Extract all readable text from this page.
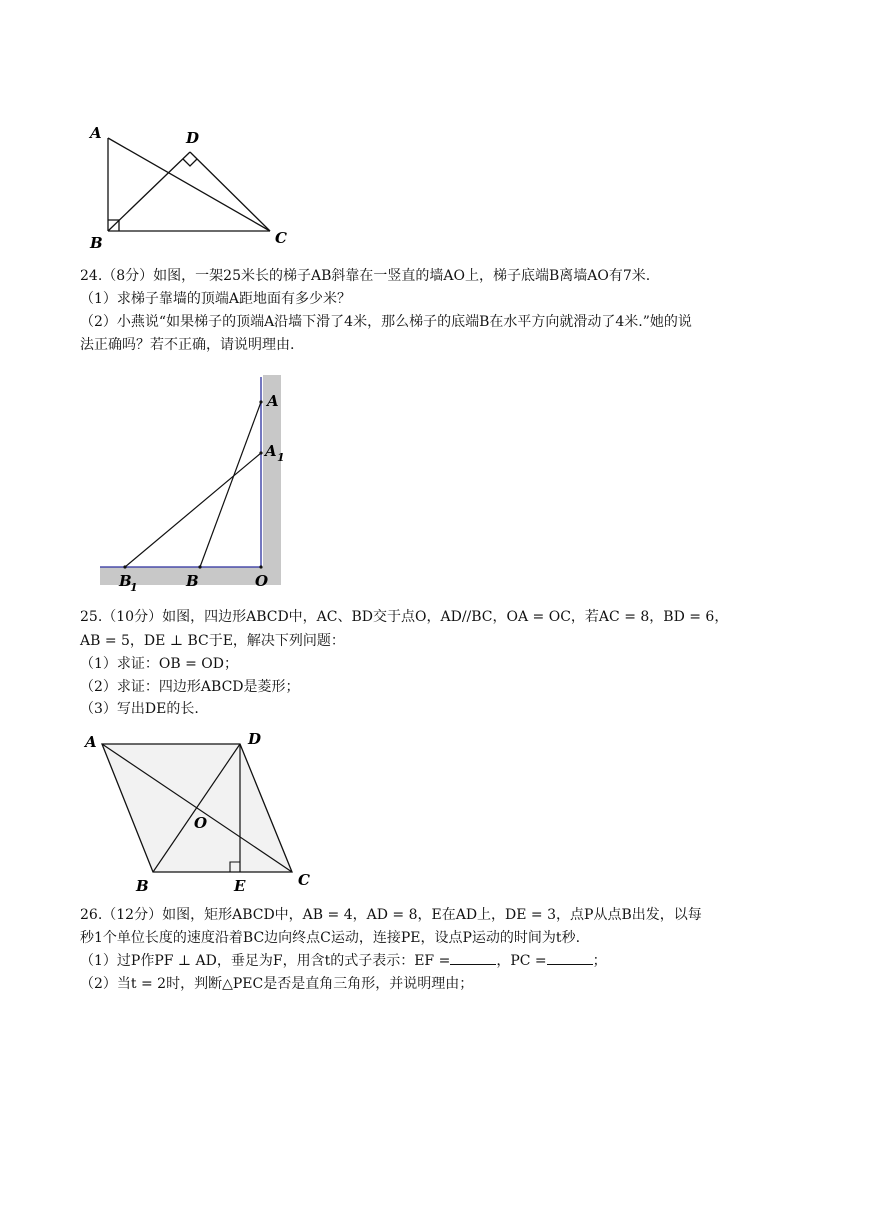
A	D
B	C
24.（8分）如图，一架25米长的梯子AB斜靠在一竖直的墙AO上，梯子底端B离墙AO有7米.
（1）求梯子靠墙的顶端A距地面有多少米？
（2）小燕说“如果梯子的顶端A沿墙下滑了4米，那么梯子的底端B在水平方向就滑动了4米.”她的说
法正确吗？若不正确，请说明理由.
A
A 1
B
1	B	O
25.（10分）如图，四边形ABCD中，AC、BD交于点O，AD//BC，OA = OC，若AC = 8，BD = 6，
AB = 5，DE ⊥ BC于E，解决下列问题：
（1）求证：OB = OD；
（2）求证：四边形ABCD是菱形；
（3）写出DE的长.
A	D
O
B	E	C
26.（12分）如图，矩形ABCD中，AB = 4，AD = 8，E在AD上，DE = 3，点P从点B出发，以每
秒1个单位长度的速度沿着BC边向终点C运动，连接PE，设点P运动的时间为t秒.
（1）过P作PF ⊥ AD，垂足为F，用含t的式子表示：EF =	，PC =	；
（2）当t = 2时，判断△PEC是否是直角三角形，并说明理由；
